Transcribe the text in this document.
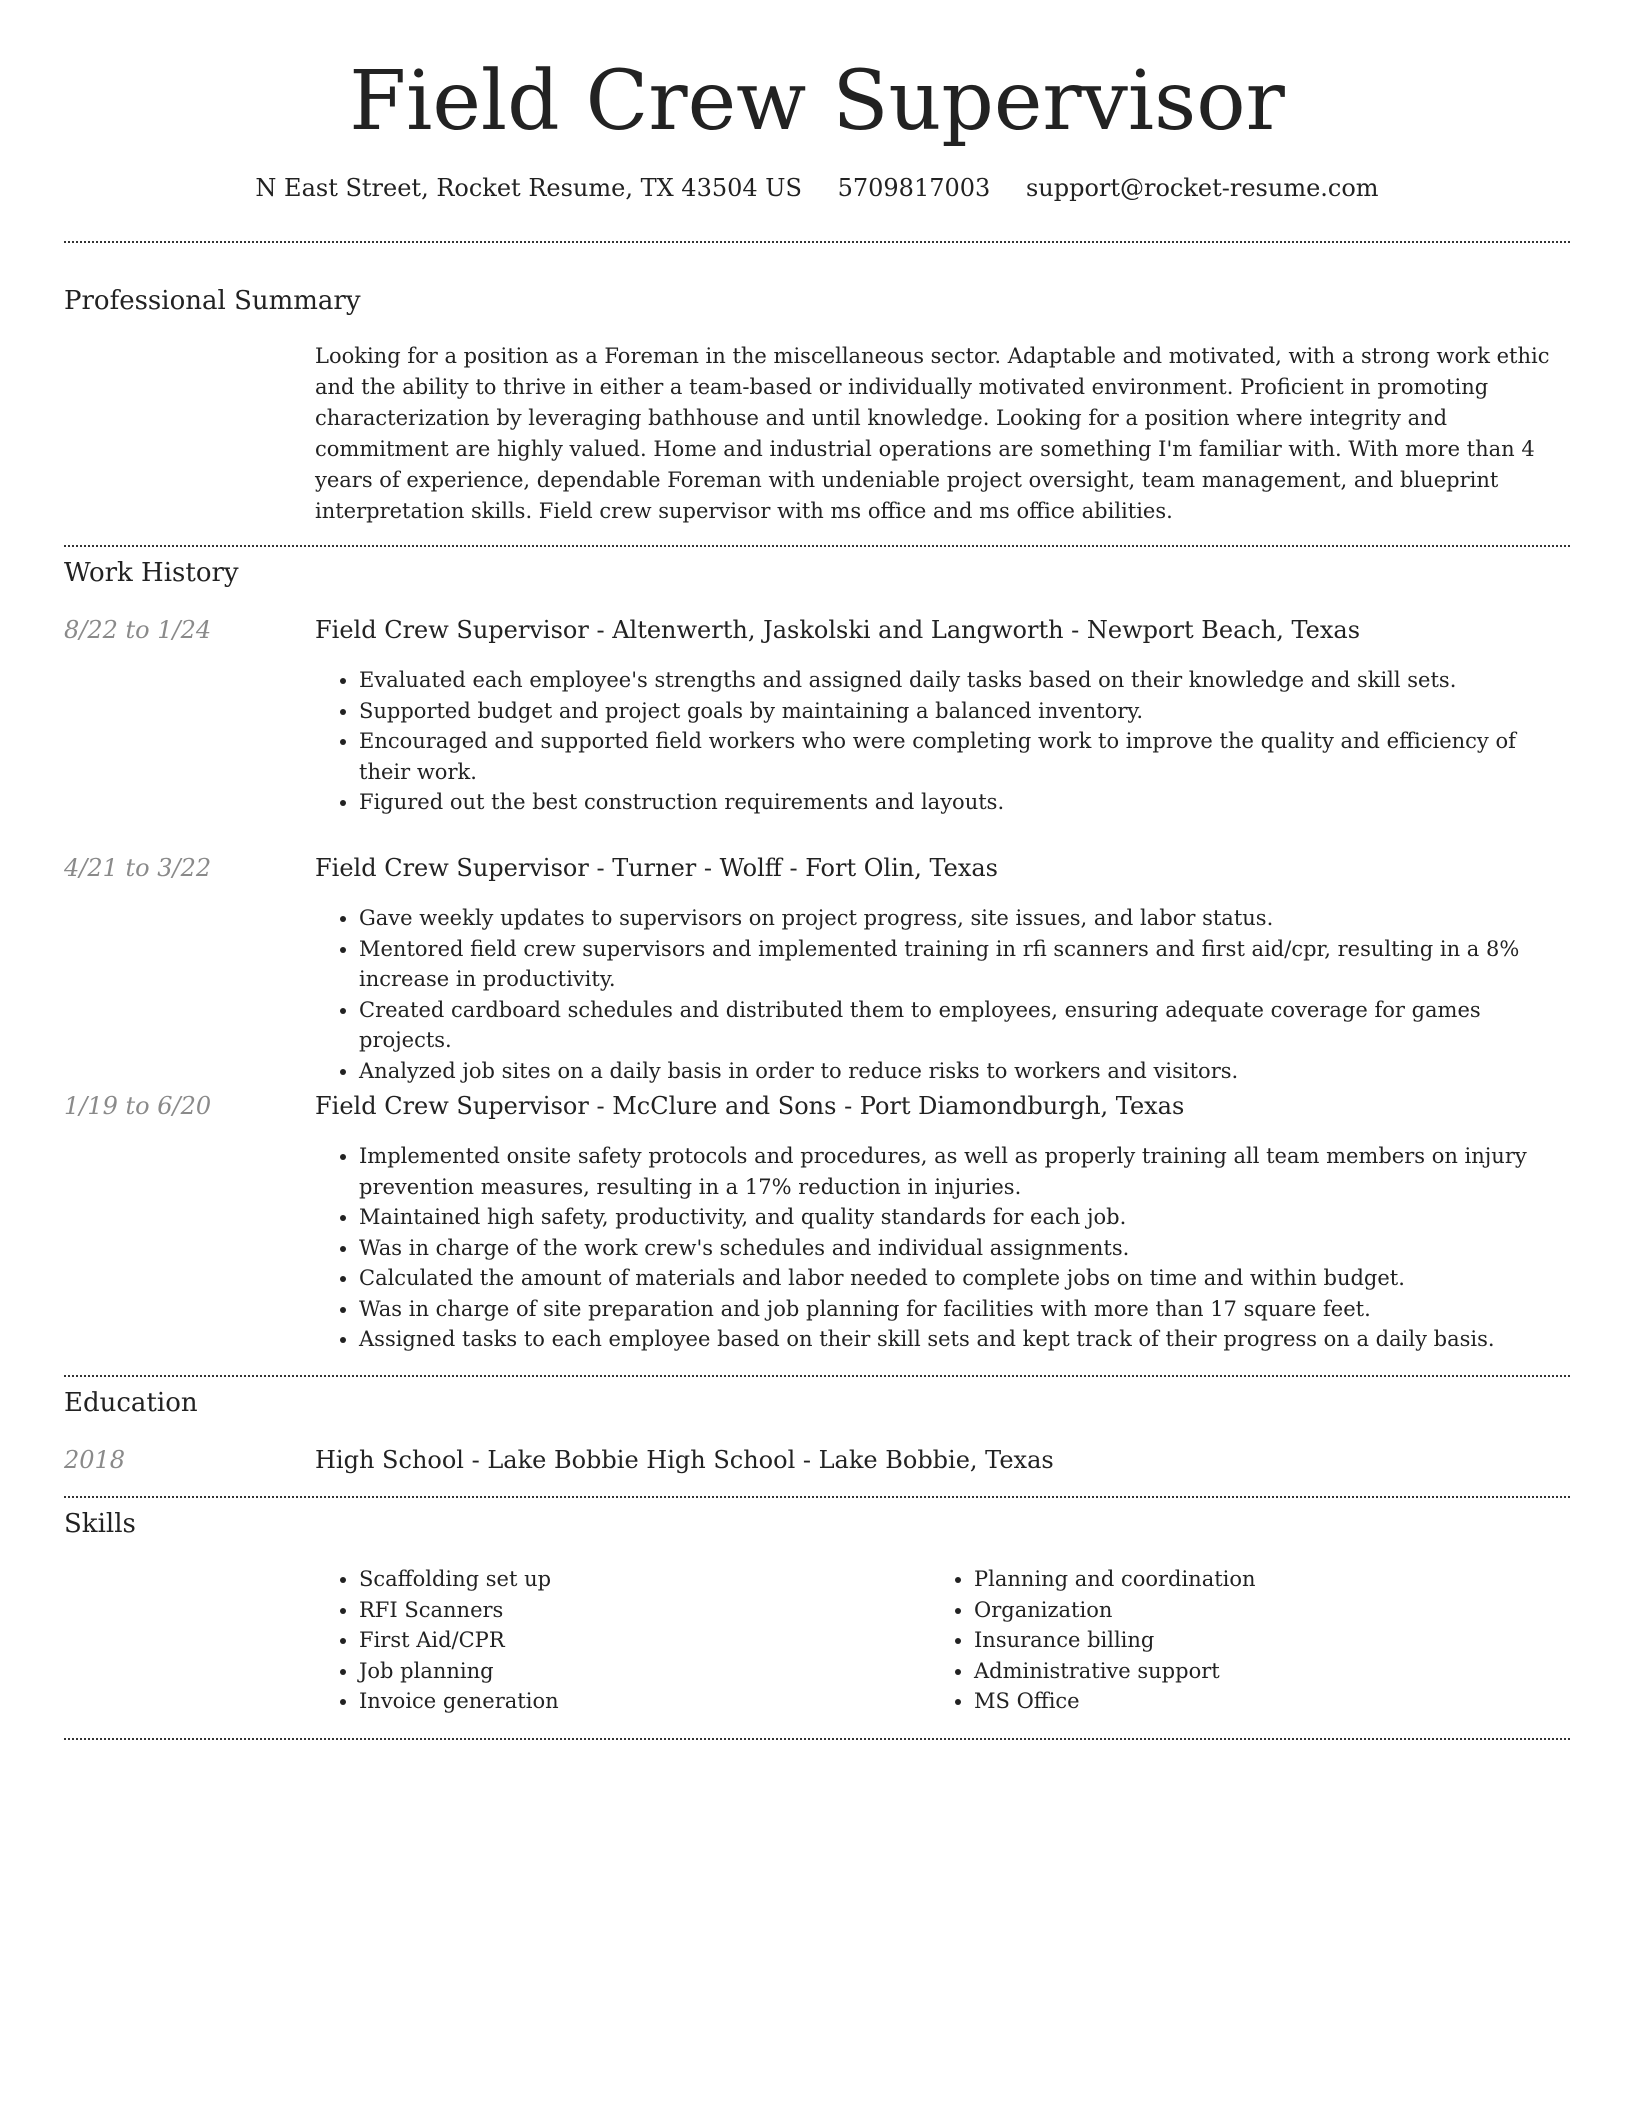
Field Crew Supervisor
N East Street, Rocket Resume, TX 43504 US 5709817003 support@rocket-resume.com
Professional Summary
Looking for a position as a Foreman in the miscellaneous sector. Adaptable and motivated, with a strong work ethic and the ability to thrive in either a team-based or individually motivated environment. Proficient in promoting characterization by leveraging bathhouse and until knowledge. Looking for a position where integrity and commitment are highly valued. Home and industrial operations are something I'm familiar with. With more than 4 years of experience, dependable Foreman with undeniable project oversight, team management, and blueprint interpretation skills. Field crew supervisor with ms office and ms office abilities.
Work History
8/22 to 1/24	Field Crew Supervisor - Altenwerth, Jaskolski and Langworth - Newport Beach, Texas
• Evaluated each employee's strengths and assigned daily tasks based on their knowledge and skill sets.
• Supported budget and project goals by maintaining a balanced inventory.
• Encouraged and supported field workers who were completing work to improve the quality and efficiency of their work.
• Figured out the best construction requirements and layouts.
4/21 to 3/22	Field Crew Supervisor - Turner - Wolff - Fort Olin, Texas
• Gave weekly updates to supervisors on project progress, site issues, and labor status.
• Mentored field crew supervisors and implemented training in rfi scanners and first aid/cpr, resulting in a 8% increase in productivity.
• Created cardboard schedules and distributed them to employees, ensuring adequate coverage for games projects.
• Analyzed job sites on a daily basis in order to reduce risks to workers and visitors.
1/19 to 6/20	Field Crew Supervisor - McClure and Sons - Port Diamondburgh, Texas
• Implemented onsite safety protocols and procedures, as well as properly training all team members on injury prevention measures, resulting in a 17% reduction in injuries.
• Maintained high safety, productivity, and quality standards for each job.
• Was in charge of the work crew's schedules and individual assignments.
• Calculated the amount of materials and labor needed to complete jobs on time and within budget.
• Was in charge of site preparation and job planning for facilities with more than 17 square feet.
• Assigned tasks to each employee based on their skill sets and kept track of their progress on a daily basis.
Education
2018	High School - Lake Bobbie High School - Lake Bobbie, Texas
Skills
• Scaffolding set up
• RFI Scanners
• First Aid/CPR
• Job planning
• Invoice generation
• Planning and coordination
• Organization
• Insurance billing
• Administrative support
• MS Office
